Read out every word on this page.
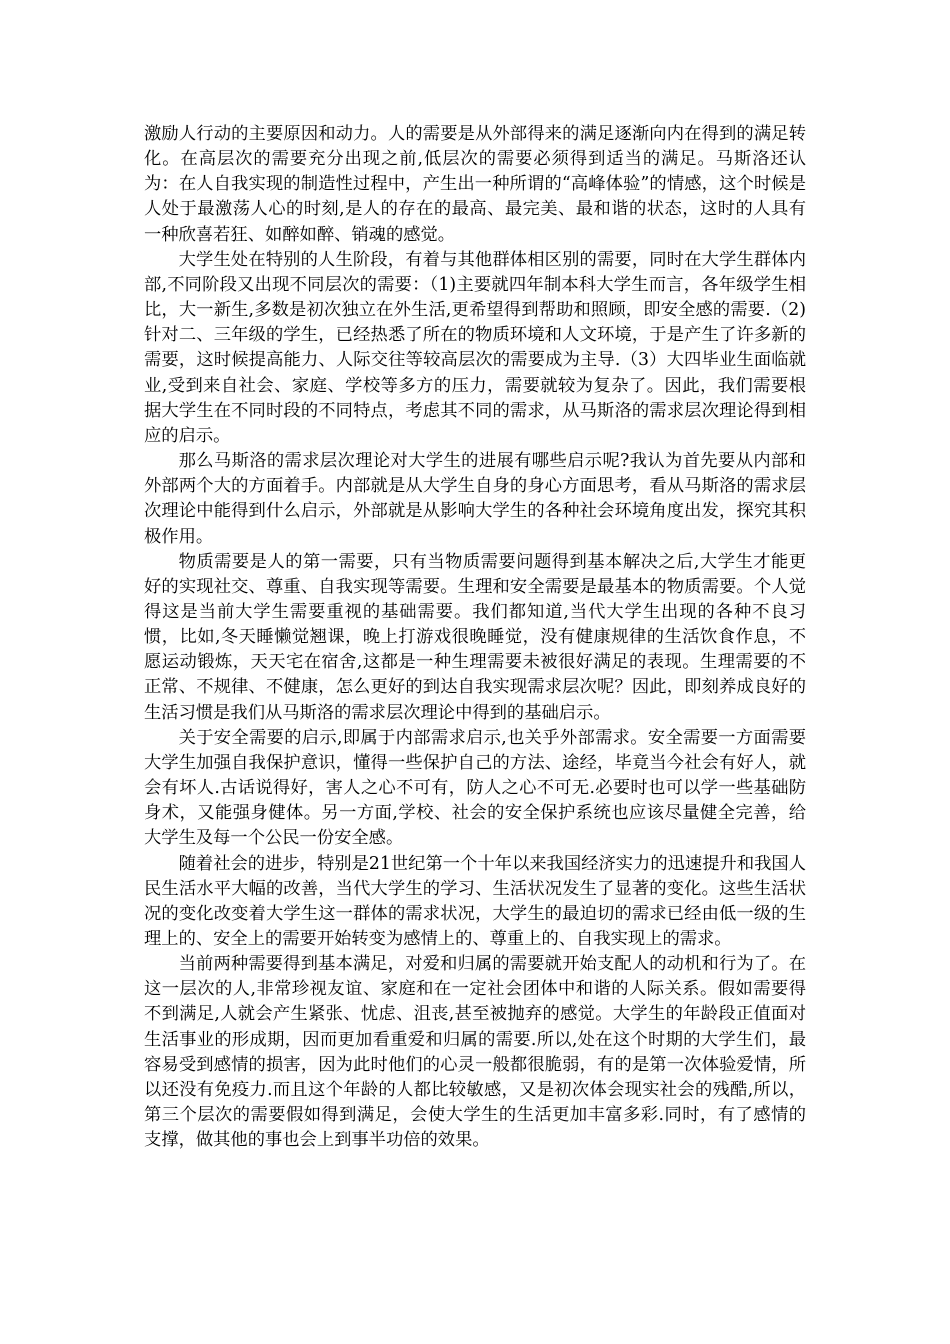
激励人行动的主要原因和动力。人的需要是从外部得来的满足逐渐向内在得到的满足转化。在高层次的需要充分出现之前,低层次的需要必须得到适当的满足。马斯洛还认为：在人自我实现的制造性过程中，产生出一种所谓的“高峰体验”的情感，这个时候是人处于最激荡人心的时刻,是人的存在的最高、最完美、最和谐的状态，这时的人具有一种欣喜若狂、如醉如醉、销魂的感觉。

大学生处在特别的人生阶段，有着与其他群体相区别的需要，同时在大学生群体内部,不同阶段又出现不同层次的需要：（1)主要就四年制本科大学生而言，各年级学生相比，大一新生,多数是初次独立在外生活,更希望得到帮助和照顾，即安全感的需要.（2)针对二、三年级的学生，已经热悉了所在的物质环境和人文环境，于是产生了许多新的需要，这时候提高能力、人际交往等较高层次的需要成为主导.（3）大四毕业生面临就业,受到来自社会、家庭、学校等多方的压力，需要就较为复杂了。因此，我们需要根据大学生在不同时段的不同特点，考虑其不同的需求，从马斯洛的需求层次理论得到相应的启示。

那么马斯洛的需求层次理论对大学生的进展有哪些启示呢?我认为首先要从内部和外部两个大的方面着手。内部就是从大学生自身的身心方面思考，看从马斯洛的需求层次理论中能得到什么启示，外部就是从影响大学生的各种社会环境角度出发，探究其积极作用。

物质需要是人的第一需要，只有当物质需要问题得到基本解决之后,大学生才能更好的实现社交、尊重、自我实现等需要。生理和安全需要是最基本的物质需要。个人觉得这是当前大学生需要重视的基础需要。我们都知道,当代大学生出现的各种不良习惯，比如,冬天睡懒觉翘课，晚上打游戏很晚睡觉，没有健康规律的生活饮食作息，不愿运动锻炼，天天宅在宿舍,这都是一种生理需要未被很好满足的表现。生理需要的不正常、不规律、不健康，怎么更好的到达自我实现需求层次呢？因此，即刻养成良好的生活习惯是我们从马斯洛的需求层次理论中得到的基础启示。

关于安全需要的启示,即属于内部需求启示,也关乎外部需求。安全需要一方面需要大学生加强自我保护意识，懂得一些保护自己的方法、途经，毕竟当今社会有好人，就会有坏人.古话说得好，害人之心不可有，防人之心不可无.必要时也可以学一些基础防身术，又能强身健体。另一方面,学校、社会的安全保护系统也应该尽量健全完善，给大学生及每一个公民一份安全感。

随着社会的进步，特别是21世纪第一个十年以来我国经济实力的迅速提升和我国人民生活水平大幅的改善，当代大学生的学习、生活状况发生了显著的变化。这些生活状况的变化改变着大学生这一群体的需求状况，大学生的最迫切的需求已经由低一级的生理上的、安全上的需要开始转变为感情上的、尊重上的、自我实现上的需求。

当前两种需要得到基本满足，对爱和归属的需要就开始支配人的动机和行为了。在这一层次的人,非常珍视友谊、家庭和在一定社会团体中和谐的人际关系。假如需要得不到满足,人就会产生紧张、忧虑、沮丧,甚至被抛弃的感觉。大学生的年龄段正值面对生活事业的形成期，因而更加看重爱和归属的需要.所以,处在这个时期的大学生们，最容易受到感情的损害，因为此时他们的心灵一般都很脆弱，有的是第一次体验爱情，所以还没有免疫力.而且这个年龄的人都比较敏感，又是初次体会现实社会的残酷,所以，第三个层次的需要假如得到满足，会使大学生的生活更加丰富多彩.同时，有了感情的支撑，做其他的事也会上到事半功倍的效果。
